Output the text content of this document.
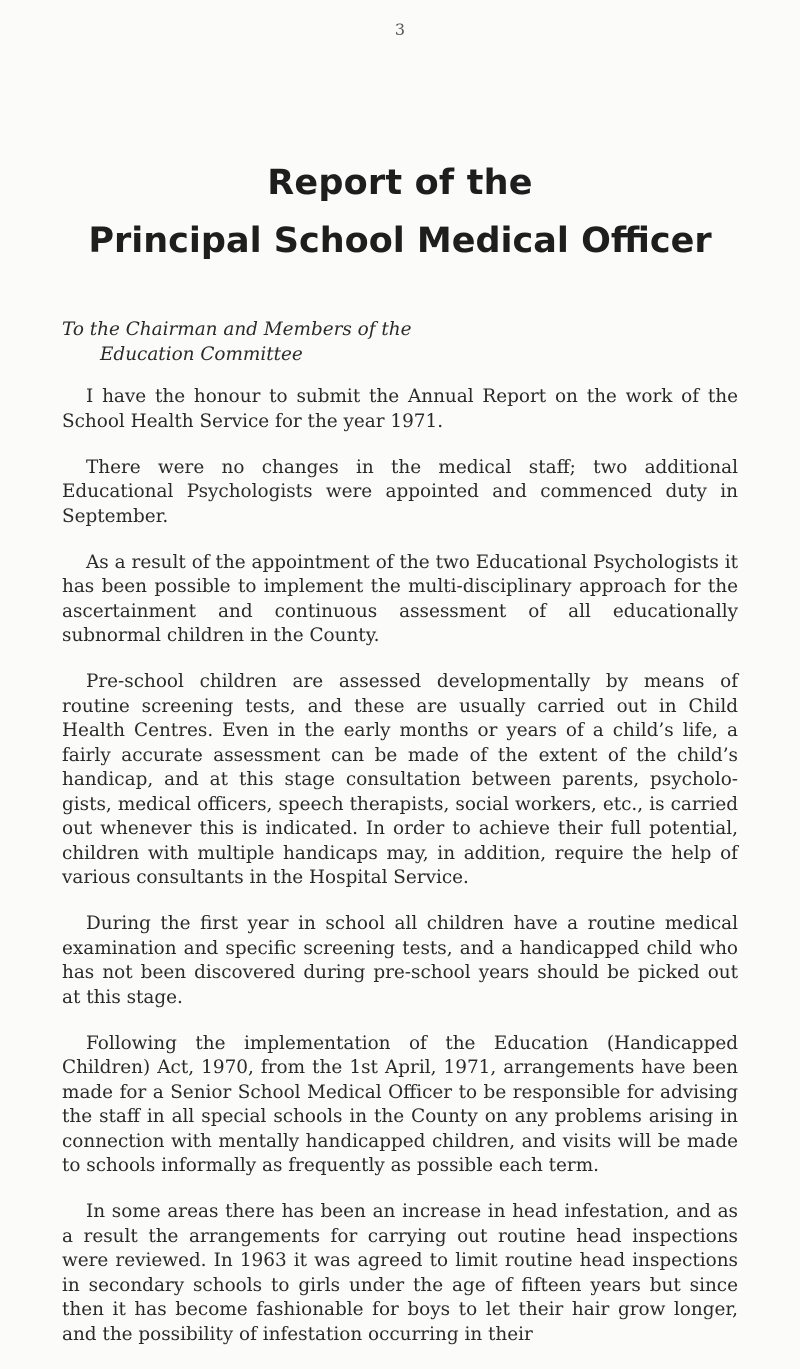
3
Report of the
Principal School Medical Officer
To the Chairman and Members of the
Education Committee

I have the honour to submit the Annual Report on the work of the School Health Service for the year 1971.

There were no changes in the medical staff; two additional Educational Psychologists were appointed and commenced duty in September.

As a result of the appointment of the two Educational Psychologists it has been possible to implement the multi-disciplinary approach for the ascertainment and continuous assessment of all educationally subnormal children in the County.

Pre-school children are assessed developmentally by means of routine screening tests, and these are usually carried out in Child Health Centres. Even in the early months or years of a child’s life, a fairly accurate assessment can be made of the extent of the child’s handicap, and at this stage consultation between parents, psychologists, medical officers, speech therapists, social workers, etc., is carried out whenever this is indicated. In order to achieve their full potential, children with multiple handicaps may, in addition, require the help of various consultants in the Hospital Service.

During the first year in school all children have a routine medical examination and specific screening tests, and a handicapped child who has not been discovered during pre-school years should be picked out at this stage.

Following the implementation of the Education (Handicapped Children) Act, 1970, from the 1st April, 1971, arrangements have been made for a Senior School Medical Officer to be responsible for advising the staff in all special schools in the County on any problems arising in connection with mentally handicapped children, and visits will be made to schools informally as frequently as possible each term.

In some areas there has been an increase in head infestation, and as a result the arrangements for carrying out routine head inspections were reviewed. In 1963 it was agreed to limit routine head inspections in secondary schools to girls under the age of fifteen years but since then it has become fashionable for boys to let their hair grow longer, and the possibility of infestation occurring in their
